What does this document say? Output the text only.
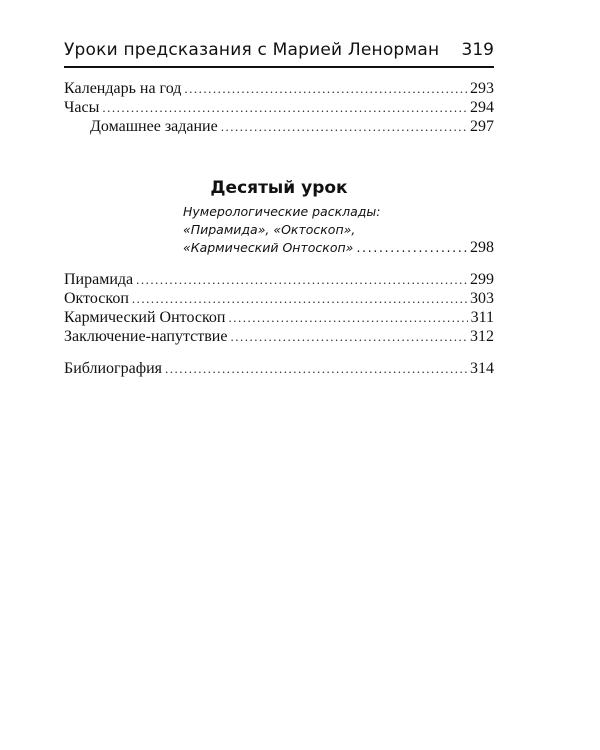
Уроки предсказания с Марией Ленорман 319
Календарь на год .....	293
Часы .....	294
Домашнее задание .....	297
Десятый урок
Нумерологические расклады:
«Пирамида», «Октоскоп»,
«Кармический Онтоскоп» .....	298
Пирамида .....	299
Октоскоп .....	303
Кармический Онтоскоп .....	311
Заключение-напутствие .....	312
Библиография .....	314
